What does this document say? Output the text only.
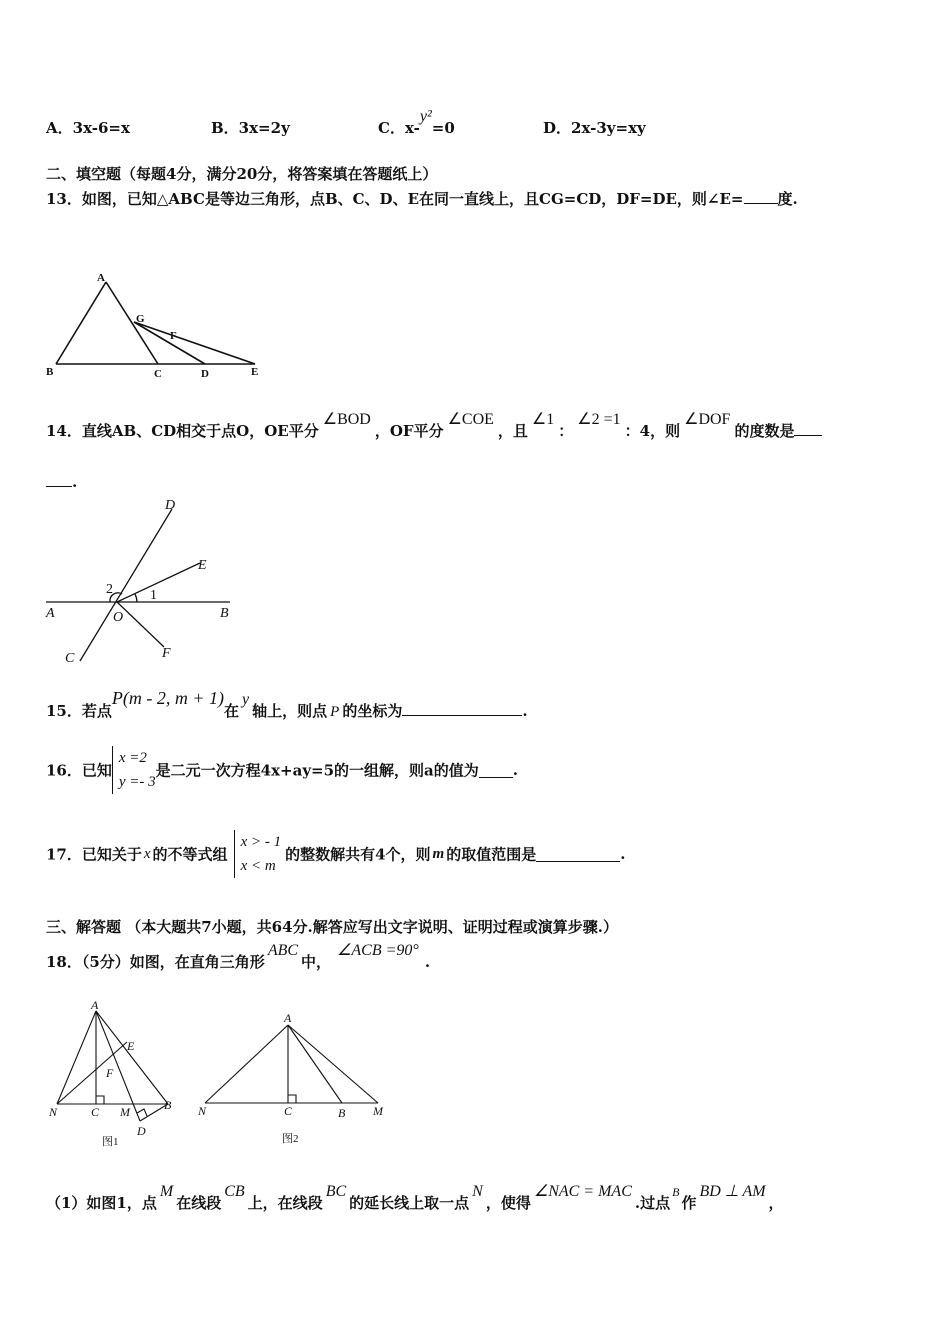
A．3x-6=x	B．3x=2y	C．x-y²=0	D．2x-3y=xy
二、填空题（每题4分，满分20分，将答案填在答题纸上）
13．如图，已知△ABC是等边三角形，点B、C、D、E在同一直线上，且CG=CD，DF=DE，则∠E= 度.
A
B	C	D	E
G
F
14．直线AB、CD相交于点O，OE平分∠BOD，OF平分∠COE，且∠1：∠2 =1：4，则∠DOF的度数是
.
D
E
2	1
A	O	B
C	F
15．若点P(m - 2, m + 1)在y轴上，则点 P 的坐标为	.
16．已知x =2
y =- 3是二元一次方程4x+ay=5的一组解，则a的值为 .
17．已知关于 x 的不等式组x > - 1
x < m的整数解共有4个，则 m 的取值范围是	.
三、解答题 （本大题共7小题，共64分.解答应写出文字说明、证明过程或演算步骤.）
18．（5分）如图，在直角三角形ABC中，∠ACB =90°.
A
E
F
N	C M	B
D
图1
A
N	C	B M
图2
（1）如图1，点M在线段CB上，在线段BC的延长线上取一点N，使得∠NAC = MAC.过点$^B$作BD ⊥ AM，
